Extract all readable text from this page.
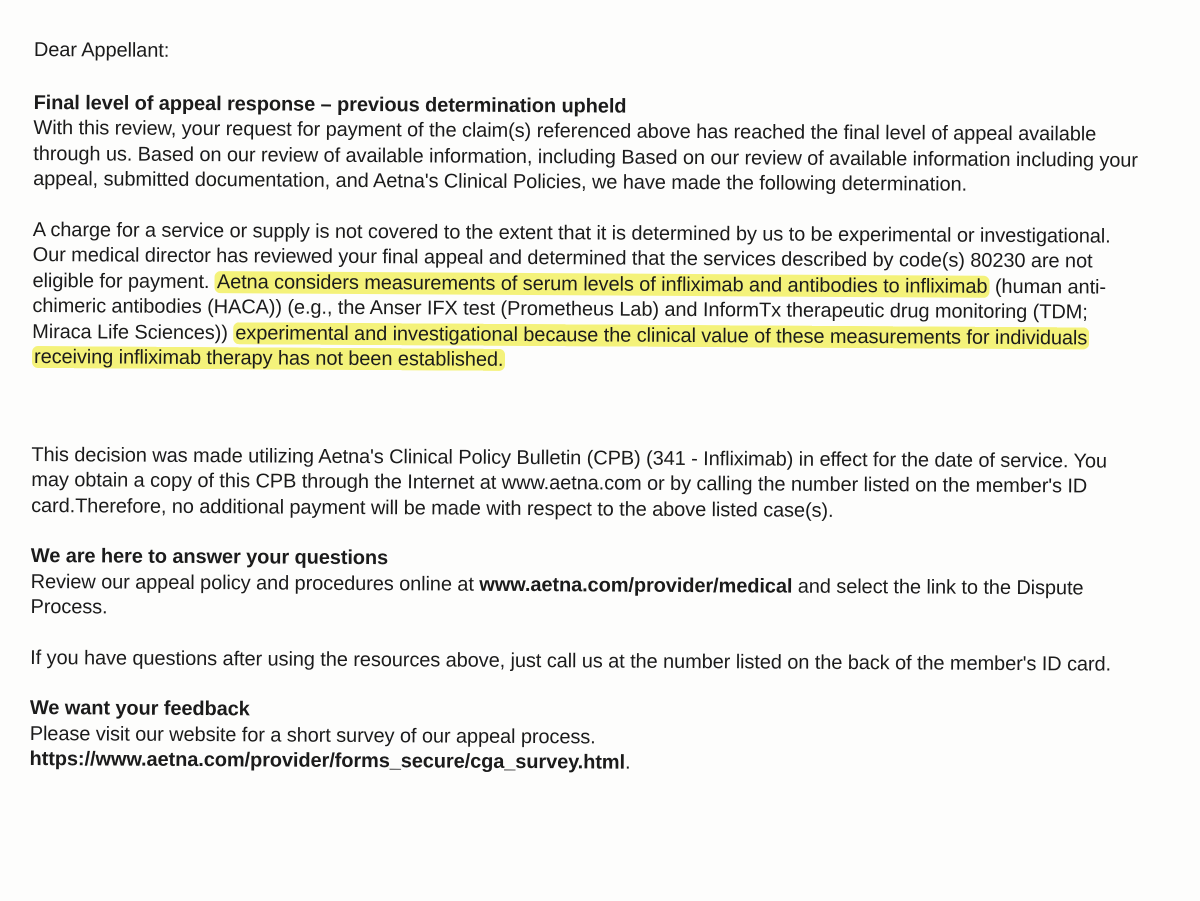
Dear Appellant:

Final level of appeal response – previous determination upheld

With this review, your request for payment of the claim(s) referenced above has reached the final level of appeal available through us. Based on our review of available information, including Based on our review of available information including your appeal, submitted documentation, and Aetna's Clinical Policies, we have made the following determination.

A charge for a service or supply is not covered to the extent that it is determined by us to be experimental or investigational. Our medical director has reviewed your final appeal and determined that the services described by code(s) 80230 are not eligible for payment. Aetna considers measurements of serum levels of infliximab and antibodies to infliximab (human anti-chimeric antibodies (HACA)) (e.g., the Anser IFX test (Prometheus Lab) and InformTx therapeutic drug monitoring (TDM; Miraca Life Sciences)) experimental and investigational because the clinical value of these measurements for individuals receiving infliximab therapy has not been established.

This decision was made utilizing Aetna's Clinical Policy Bulletin (CPB) (341 - Infliximab) in effect for the date of service. You may obtain a copy of this CPB through the Internet at www.aetna.com or by calling the number listed on the member's ID card.Therefore, no additional payment will be made with respect to the above listed case(s).

We are here to answer your questions

Review our appeal policy and procedures online at www.aetna.com/provider/medical and select the link to the Dispute Process.

If you have questions after using the resources above, just call us at the number listed on the back of the member's ID card.

We want your feedback

Please visit our website for a short survey of our appeal process.

https://www.aetna.com/provider/forms_secure/cga_survey.html.
